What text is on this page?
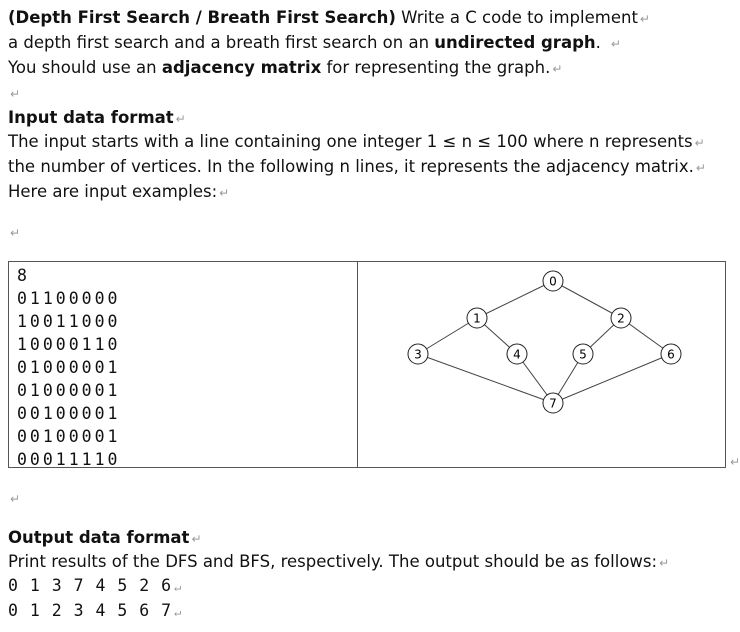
(Depth First Search / Breath First Search) Write a C code to implement ↵
a depth first search and a breath first search on an undirected graph. ↵
You should use an adjacency matrix for representing the graph. ↵
↵
Input data format ↵
The input starts with a line containing one integer 1 ≤ n ≤ 100 where n represents ↵
the number of vertices. In the following n lines, it represents the adjacency matrix. ↵
Here are input examples: ↵
↵
8
01100000
10011000
10000110
01000001
01000001
00100001
00100001
00011110
0
1	2
3	4	5	6
7
↵
↵
Output data format ↵
Print results of the DFS and BFS, respectively. The output should be as follows: ↵
0 1 3 7 4 5 2 6 ↵
0 1 2 3 4 5 6 7 ↵
